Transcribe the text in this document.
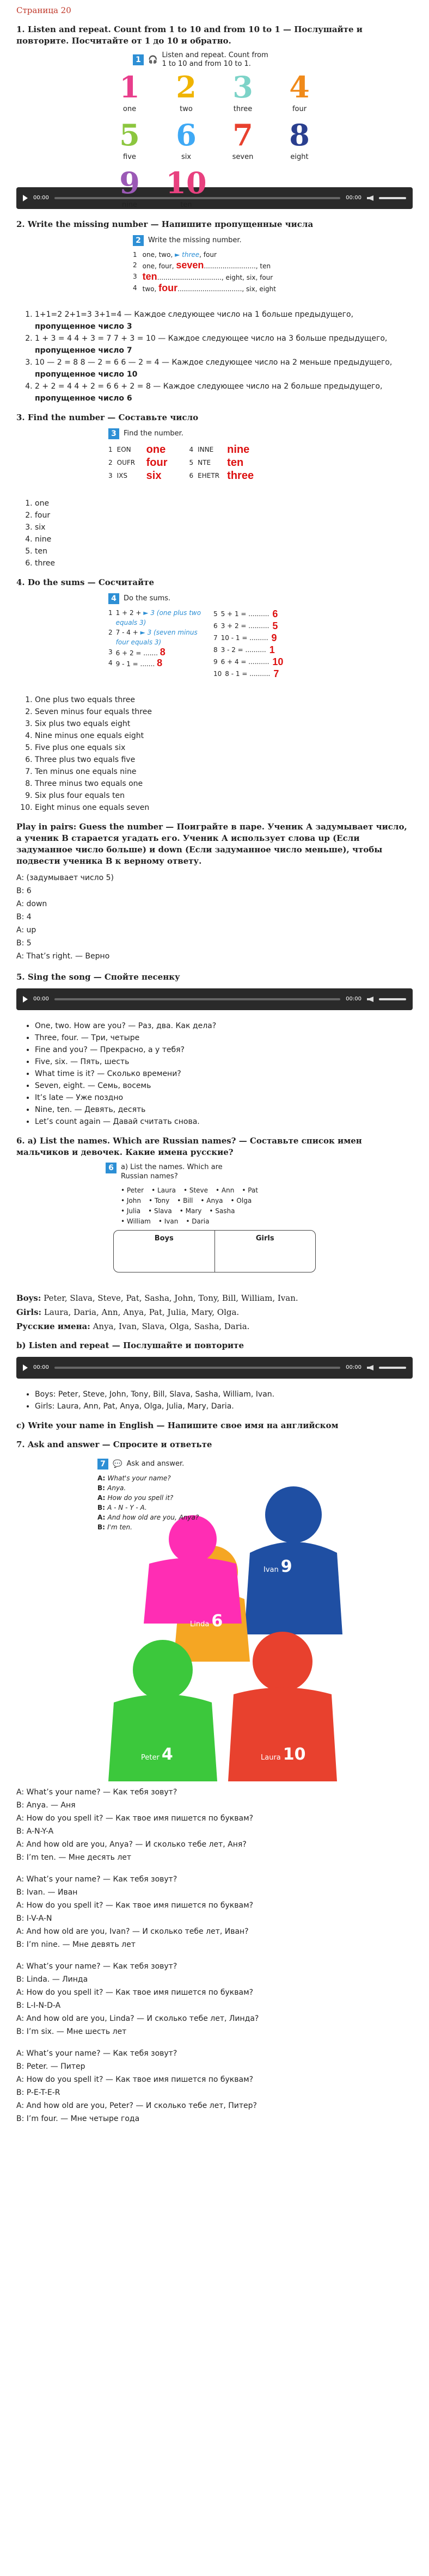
Страница 20
1. Listen and repeat. Count from 1 to 10 and from 10 to 1 — Послушайте и повторите. Посчитайте от 1 до 10 и обратно.
1 🎧
Listen and repeat. Count from 1 to 10 and from 10 to 1.
1
one
2
two
3
three
4
four
5
five
6
six
7
seven
8
eight
9
nine
10
ten
00:00	00:00
2. Write the missing number — Напишите пропущенные числа
2	Write the missing number.
1 one, two, ► three, four
2 one, four, seven........................., ten
3 ten..............................., eight, six, four
4 two, four..............................., six, eight
1. 1+1=2 2+1=3 3+1=4 — Каждое следующее число на 1 больше предыдущего, пропущенное число 3
2. 1 + 3 = 4 4 + 3 = 7 7 + 3 = 10 — Каждое следующее число на 3 больше предыдущего, пропущенное число 7
3. 10 — 2 = 8 8 — 2 = 6 6 — 2 = 4 — Каждое следующее число на 2 меньше предыдущего, пропущенное число 10
4. 2 + 2 = 4 4 + 2 = 6 6 + 2 = 8 — Каждое следующее число на 2 больше предыдущего, пропущенное число 6
3. Find the number — Составьте число
3	Find the number.
1 EON	one
2 OUFR	four
3 IXS	six
4 INNE	nine
5 NTE	ten
6 EHETR three
1. one
2. four
3. six
4. nine
5. ten
6. three
4. Do the sums — Сосчитайте
4	Do the sums.
1 1 + 2 + ► 3 (one plus two equals 3)
2 7 - 4 + ► 3 (seven minus four equals 3)
3 6 + 2 = ....... 8
4 9 - 1 = ....... 8
5 5 + 1 = .......... 6
6 3 + 2 = .......... 5
7 10 - 1 = ......... 9
8 3 - 2 = .......... 1
9 6 + 4 = .......... 10
10 8 - 1 = .......... 7
1. One plus two equals three
2. Seven minus four equals three
3. Six plus two equals eight
4. Nine minus one equals eight
5. Five plus one equals six
6. Three plus two equals five
7. Ten minus one equals nine
8. Three minus two equals one
9. Six plus four equals ten
10. Eight minus one equals seven
Play in pairs: Guess the number — Поиграйте в паре. Ученик А задумывает число, а ученик В старается угадать его. Ученик А использует слова up (Если задуманное число больше) и down (Если задуманное число меньше), чтобы подвести ученика В к верному ответу.

A: (задумывает число 5)

B: 6

A: down

B: 4

A: up

B: 5

A: That’s right. — Верно

5. Sing the song — Спойте песенку
00:00	00:00
• One, two. How are you? — Раз, два. Как дела?
• Three, four. — Три, четыре
• Fine and you? — Прекрасно, а у тебя?
• Five, six. — Пять, шесть
• What time is it? — Сколько времени?
• Seven, eight. — Семь, восемь
• It’s late — Уже поздно
• Nine, ten. — Девять, десять
• Let’s count again — Давай считать снова.
6. a) List the names. Which are Russian names? — Составьте список имен мальчиков и девочек. Какие имена русские?
6	a) List the names. Which are Russian names?
• Peter • Laura • Steve • Ann • Pat
• John • Tony • Bill • Anya • Olga
• Julia • Slava • Mary • Sasha
• William • Ivan • Daria
Boys	Girls

Boys: Peter, Slava, Steve, Pat, Sasha, John, Tony, Bill, William, Ivan.

Girls: Laura, Daria, Ann, Anya, Pat, Julia, Mary, Olga.

Русские имена: Anya, Ivan, Slava, Olga, Sasha, Daria.

b) Listen and repeat — Послушайте и повторите
00:00	00:00
• Boys: Peter, Steve, John, Tony, Bill, Slava, Sasha, William, Ivan.
• Girls: Laura, Ann, Pat, Anya, Olga, Julia, Mary, Daria.
c) Write your name in English — Напишите свое имя на английском
7. Ask and answer — Спросите и ответьте
7 💬 Ask and answer.
A: What's your name?
B: Anya.
A: How do you spell it?
B: A - N - Y - A.
A: And how old are you, Anya?
B: I'm ten.
Ivan 9
Linda 6
Peter 4	Laura 10

A: What’s your name? — Как тебя зовут?

B: Anya. — Аня

A: How do you spell it? — Как твое имя пишется по буквам?

B: A-N-Y-A

A: And how old are you, Anya? — И сколько тебе лет, Аня?

B: I’m ten. — Мне десять лет

A: What’s your name? — Как тебя зовут?

B: Ivan. — Иван

A: How do you spell it? — Как твое имя пишется по буквам?

B: I-V-A-N

A: And how old are you, Ivan? — И сколько тебе лет, Иван?

B: I’m nine. — Мне девять лет

A: What’s your name? — Как тебя зовут?

B: Linda. — Линда

A: How do you spell it? — Как твое имя пишется по буквам?

B: L-I-N-D-A

A: And how old are you, Linda? — И сколько тебе лет, Линда?

B: I’m six. — Мне шесть лет

A: What’s your name? — Как тебя зовут?

B: Peter. — Питер

A: How do you spell it? — Как твое имя пишется по буквам?

B: P-E-T-E-R

A: And how old are you, Peter? — И сколько тебе лет, Питер?

B: I’m four. — Мне четыре года
